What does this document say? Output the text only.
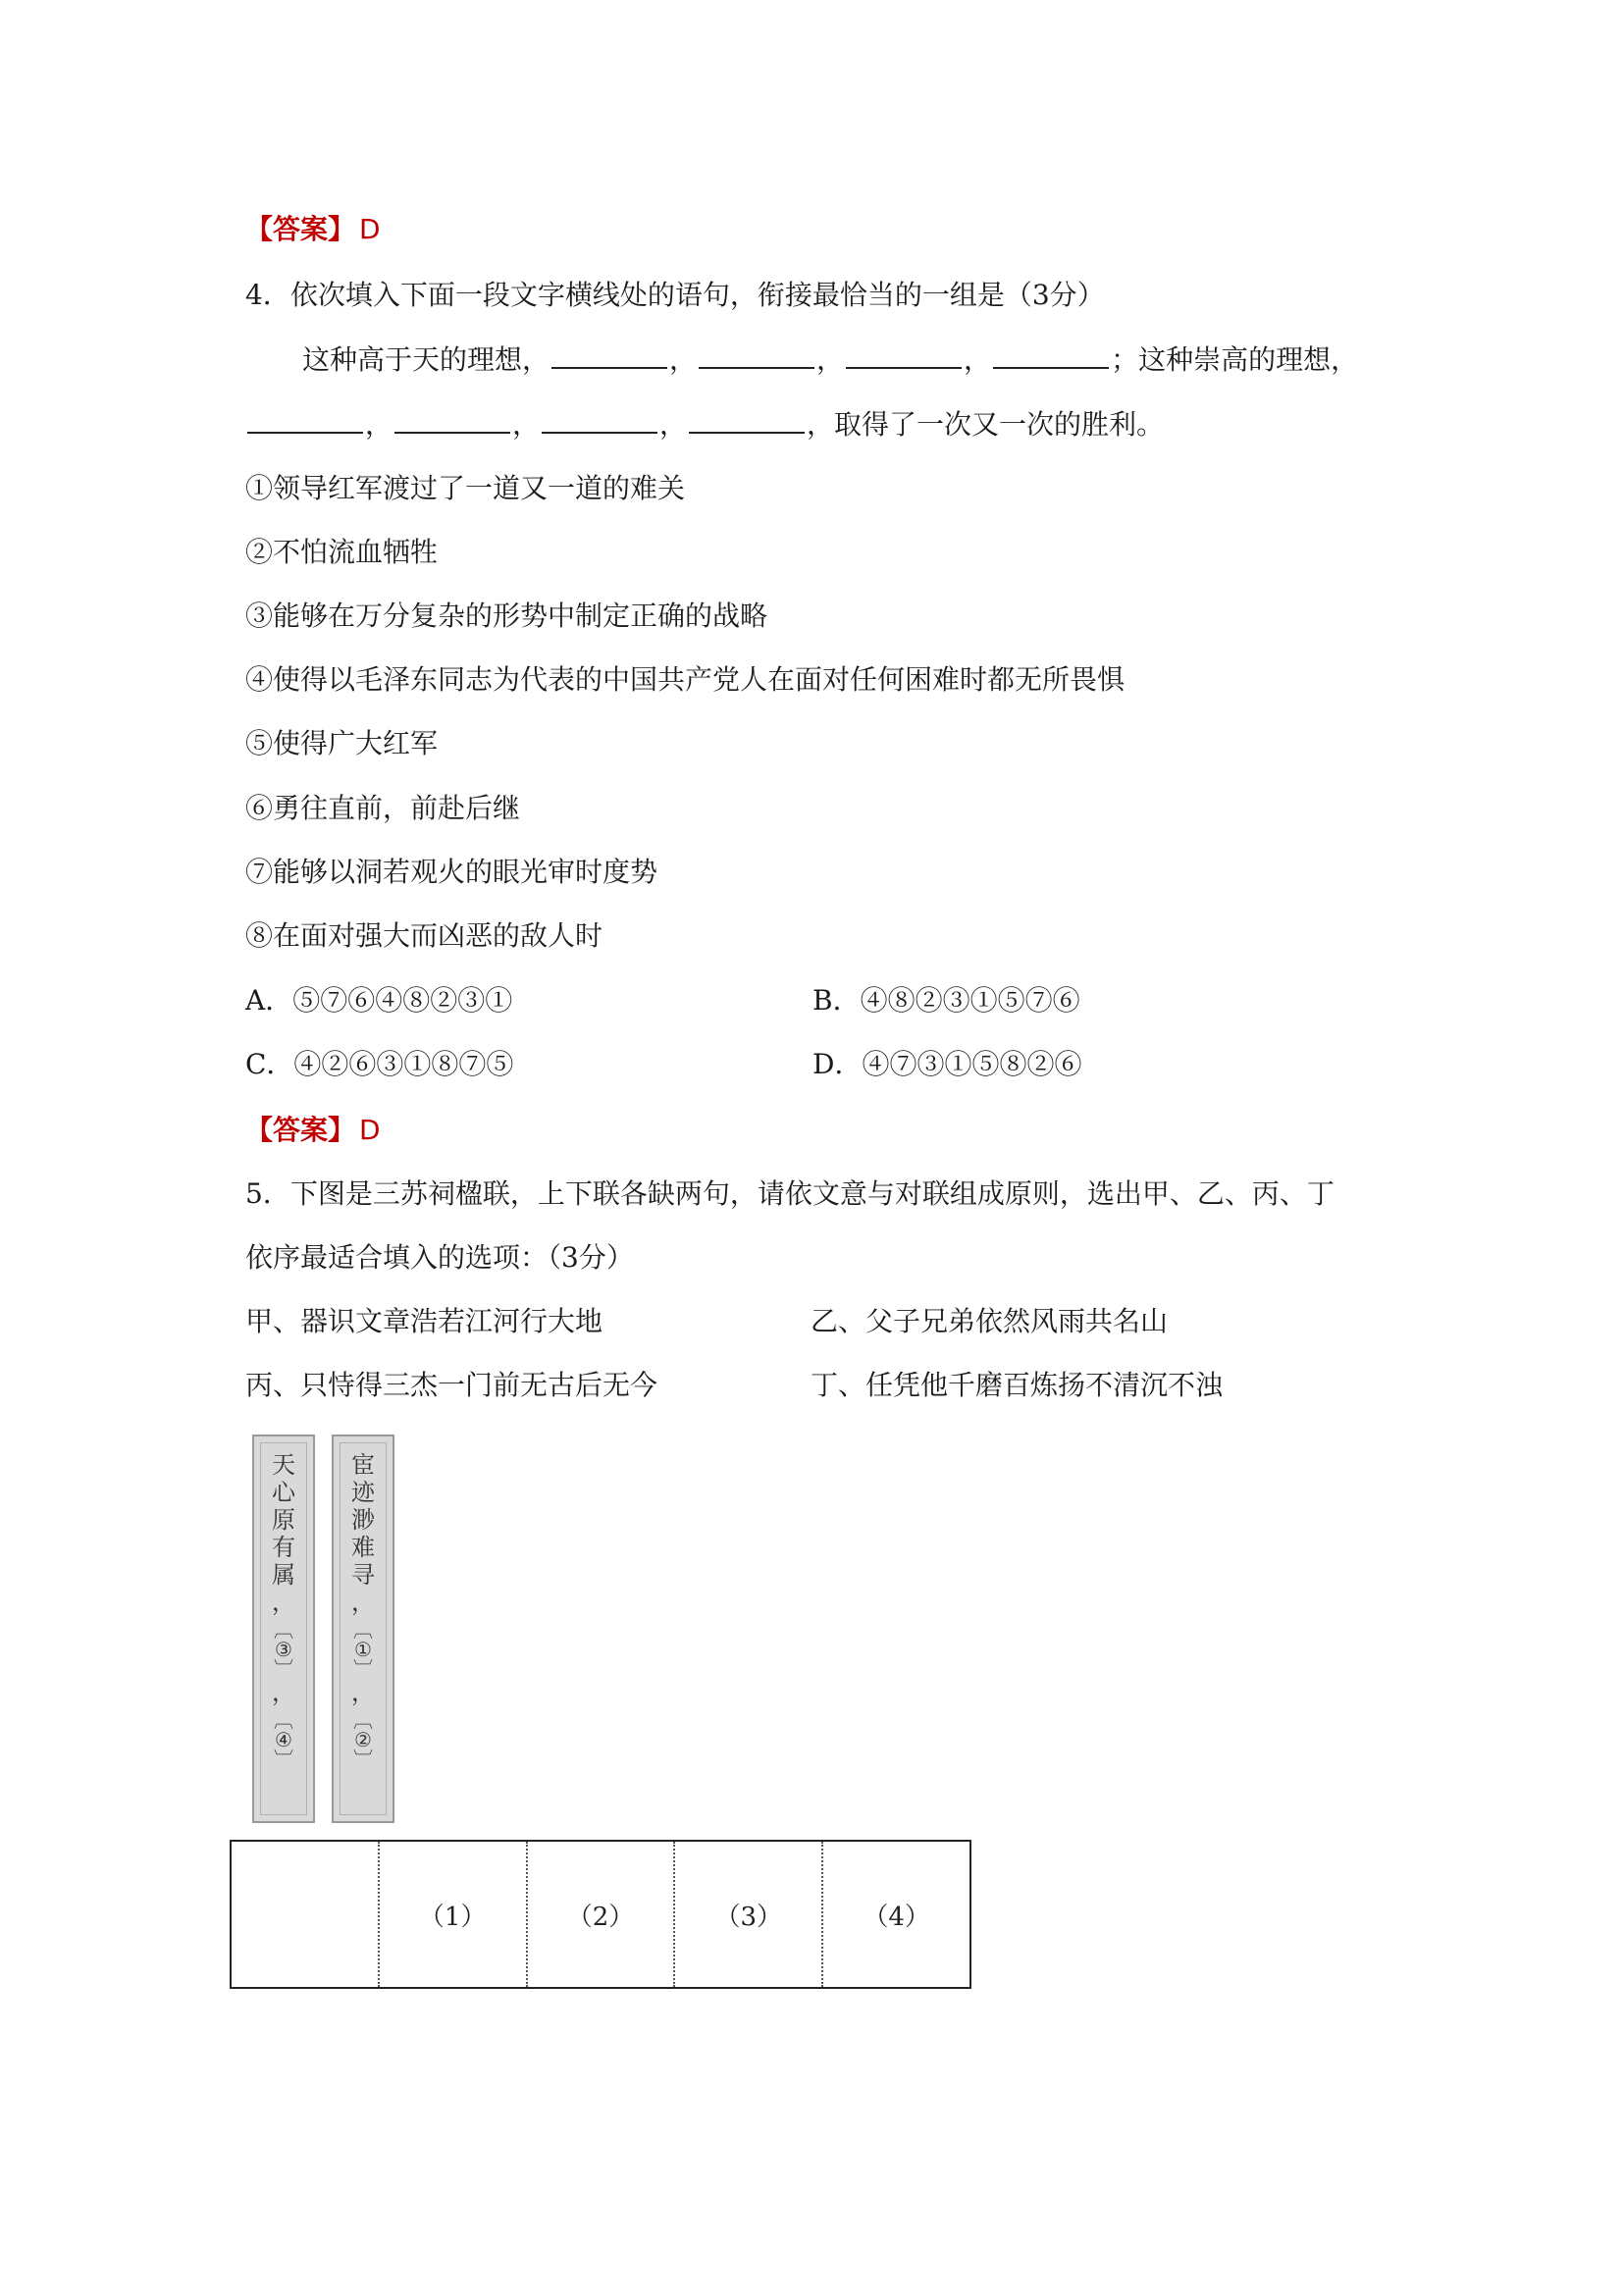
【答案】 D
4．依次填入下面一段文字横线处的语句，衔接最恰当的一组是（3分）
这种高于天的理想，	，	，	，	；这种崇高的理想，
，	，	，	，取得了一次又一次的胜利。
①领导红军渡过了一道又一道的难关
②不怕流血牺牲
③能够在万分复杂的形势中制定正确的战略
④使得以毛泽东同志为代表的中国共产党人在面对任何困难时都无所畏惧
⑤使得广大红军
⑥勇往直前，前赴后继
⑦能够以洞若观火的眼光审时度势
⑧在面对强大而凶恶的敌人时
A．⑤⑦⑥④⑧②③①	B．④⑧②③①⑤⑦⑥
C．④②⑥③①⑧⑦⑤	D．④⑦③①⑤⑧②⑥
【答案】 D
5．下图是三苏祠楹联，上下联各缺两句，请依文意与对联组成原则，选出甲、乙、丙、丁
依序最适合填入的选项：（3分）
甲、器识文章浩若江河行大地	乙、父子兄弟依然风雨共名山
丙、只恃得三杰一门前无古后无今	丁、任凭他千磨百炼扬不清沉不浊
天
心
原
有
属
，
︹
③
︺
，
︹
④
︺
宦
迹
渺
难
寻
，
︹
①
︺
，
︹
②
︺
（1）	（2）	（3）	（4）
